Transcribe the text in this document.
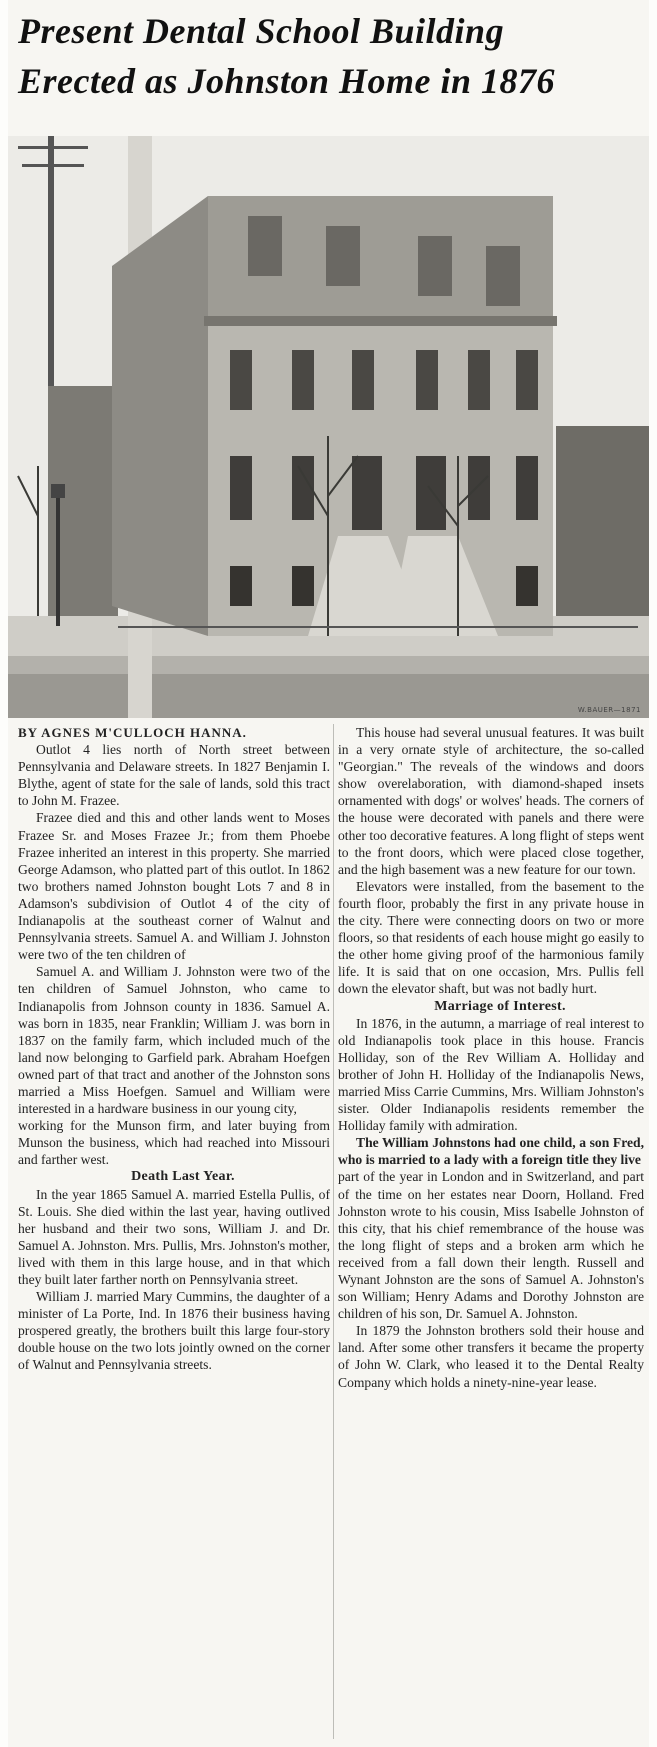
Present Dental School Building
Erected as Johnston Home in 1876
W.BAUER—1871

BY AGNES M'CULLOCH HANNA.

Outlot 4 lies north of North street between Pennsylvania and Delaware streets. In 1827 Benjamin I. Blythe, agent of state for the sale of lands, sold this tract to John M. Frazee.

Frazee died and this and other lands went to Moses Frazee Sr. and Moses Frazee Jr.; from them Phoebe Frazee inherited an interest in this property. She married George Adamson, who platted part of this outlot. In 1862 two brothers named Johnston bought Lots 7 and 8 in Adamson's subdivision of Outlot 4 of the city of Indianapolis at the southeast corner of Walnut and Pennsylvania streets. Samuel A. and William J. Johnston were two of the ten children of

Samuel A. and William J. Johnston were two of the ten children of Samuel Johnston, who came to Indianapolis from Johnson county in 1836. Samuel A. was born in 1835, near Franklin; William J. was born in 1837 on the family farm, which included much of the land now belonging to Garfield park. Abraham Hoefgen owned part of that tract and another of the Johnston sons married a Miss Hoefgen. Samuel and William were interested in a hardware business in our young city,

working for the Munson firm, and later buying from Munson the business, which had reached into Missouri and farther west.

Death Last Year.

In the year 1865 Samuel A. married Estella Pullis, of St. Louis. She died within the last year, having outlived her husband and their two sons, William J. and Dr. Samuel A. Johnston. Mrs. Pullis, Mrs. Johnston's mother, lived with them in this large house, and in that which they built later farther north on Pennsylvania street.

William J. married Mary Cummins, the daughter of a minister of La Porte, Ind. In 1876 their business having prospered greatly, the brothers built this large four-story double house on the two lots jointly owned on the corner of Walnut and Pennsylvania streets.

This house had several unusual features. It was built in a very ornate style of architecture, the so-called "Georgian." The reveals of the windows and doors show overelaboration, with diamond-shaped insets ornamented with dogs' or wolves' heads. The corners of the house were decorated with panels and there were other too decorative features. A long flight of steps went to the front doors, which were placed close together, and the high basement was a new feature for our town.

Elevators were installed, from the basement to the fourth floor, probably the first in any private house in the city. There were connecting doors on two or more floors, so that residents of each house might go easily to the other home giving proof of the harmonious family life. It is said that on one occasion, Mrs. Pullis fell down the elevator shaft, but was not badly hurt.

Marriage of Interest.

In 1876, in the autumn, a marriage of real interest to old Indianapolis took place in this house. Francis Holliday, son of the Rev William A. Holliday and brother of John H. Holliday of the Indianapolis News, married Miss Carrie Cummins, Mrs. William Johnston's sister. Older Indianapolis residents remember the Holliday family with admiration.

The William Johnstons had one child, a son Fred, who is married to a lady with a foreign title they live

part of the year in London and in Switzerland, and part of the time on her estates near Doorn, Holland. Fred Johnston wrote to his cousin, Miss Isabelle Johnston of this city, that his chief remembrance of the house was the long flight of steps and a broken arm which he received from a fall down their length. Russell and Wynant Johnston are the sons of Samuel A. Johnston's son William; Henry Adams and Dorothy Johnston are children of his son, Dr. Samuel A. Johnston.

In 1879 the Johnston brothers sold their house and land. After some other transfers it became the property of John W. Clark, who leased it to the Dental Realty Company which holds a ninety-nine-year lease.
